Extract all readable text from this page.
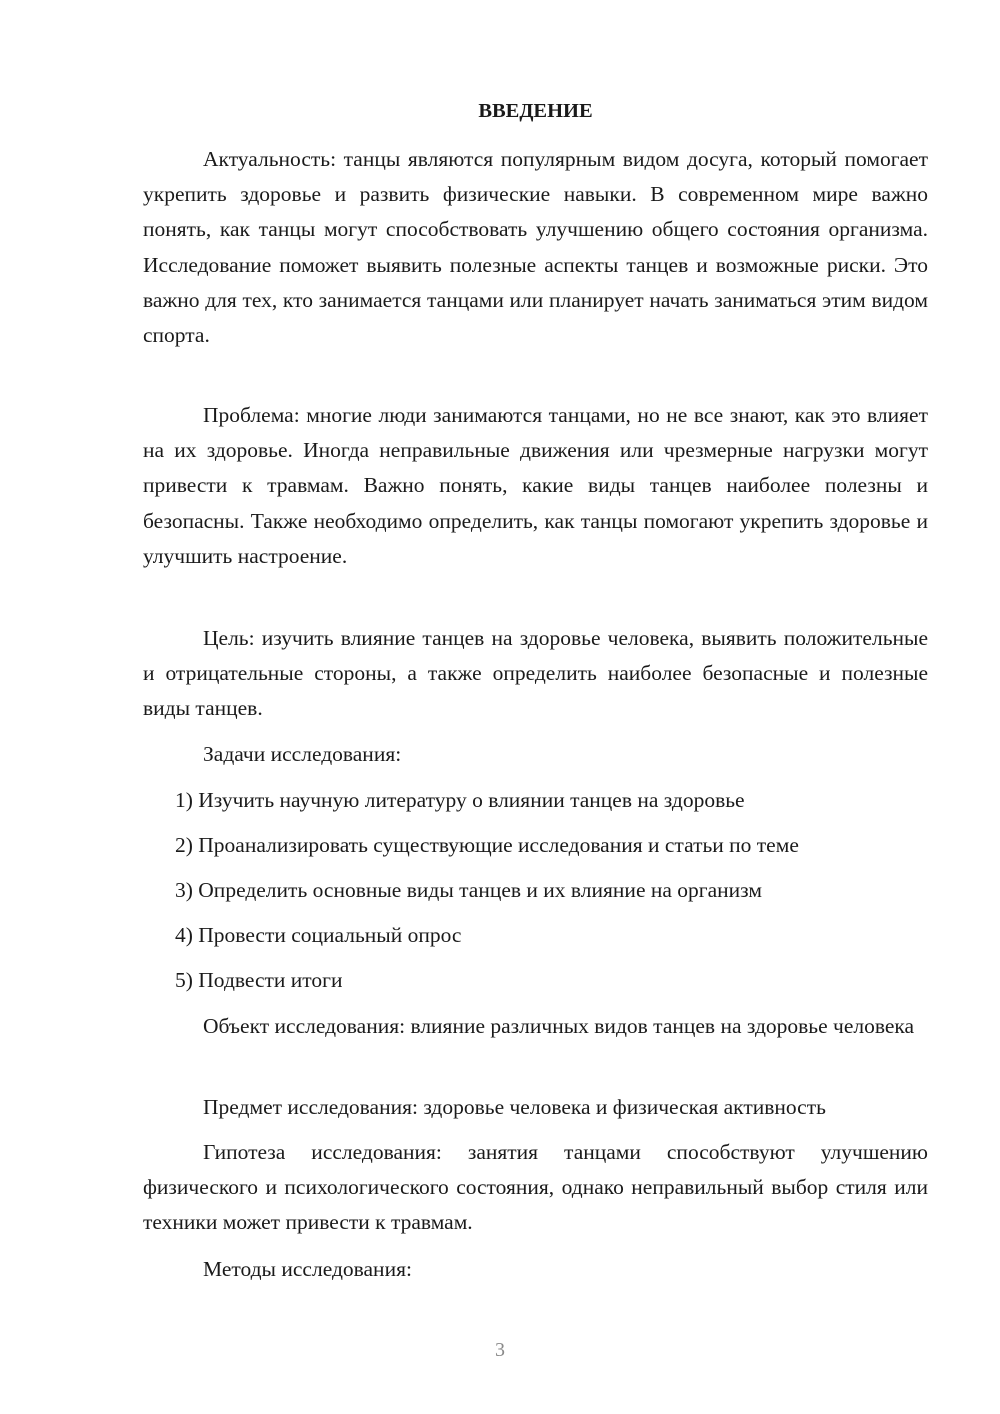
ВВЕДЕНИЕ

Актуальность: танцы являются популярным видом досуга, который помогает укрепить здоровье и развить физические навыки. В современном мире важно понять, как танцы могут способствовать улучшению общего состояния организма. Исследование поможет выявить полезные аспекты танцев и возможные риски. Это важно для тех, кто занимается танцами или планирует начать заниматься этим видом спорта.

Проблема: многие люди занимаются танцами, но не все знают, как это влияет на их здоровье. Иногда неправильные движения или чрезмерные нагрузки могут привести к травмам. Важно понять, какие виды танцев наиболее полезны и безопасны. Также необходимо определить, как танцы помогают укрепить здоровье и улучшить настроение.

Цель: изучить влияние танцев на здоровье человека, выявить положительные и отрицательные стороны, а также определить наиболее безопасные и полезные виды танцев.

Задачи исследования:

1) Изучить научную литературу о влиянии танцев на здоровье

2) Проанализировать существующие исследования и статьи по теме

3) Определить основные виды танцев и их влияние на организм

4) Провести социальный опрос

5) Подвести итоги

Объект исследования: влияние различных видов танцев на здоровье человека

Предмет исследования: здоровье человека и физическая активность

Гипотеза исследования: занятия танцами способствуют улучшению физического и психологического состояния, однако неправильный выбор стиля или техники может привести к травмам.

Методы исследования:

3
